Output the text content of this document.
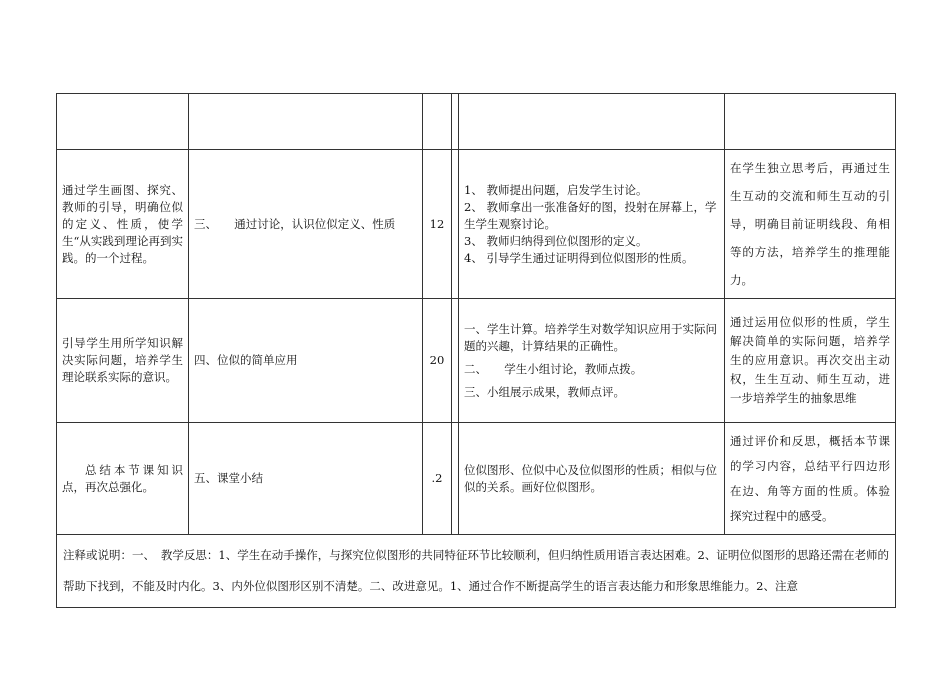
通过学生画图、探究、教师的引导，明确位似的定义、性质，使学生“从实践到理论再到实践。的一个过程。	三、　　通过讨论，认识位似定义、性质	12		1、 教师提出问题，启发学生讨论。
2、 教师拿出一张准备好的图，投射在屏幕上，学生学生观察讨论。
3、 教师归纳得到位似图形的定义。
4、 引导学生通过证明得到位似图形的性质。	在学生独立思考后，再通过生生互动的交流和师生互动的引导，明确目前证明线段、角相等的方法，培养学生的推理能力。
引导学生用所学知识解决实际问题，培养学生理论联系实际的意识。	四、位似的简单应用	20		一、学生计算。培养学生对数学知识应用于实际问题的兴趣，计算结果的正确性。
二、　　学生小组讨论，教师点拨。
三、小组展示成果，教师点评。	通过运用位似形的性质，学生解决简单的实际问题，培养学生的应用意识。再次交出主动权，生生互动、师生互动，进一步培养学生的抽象思维
总结本节课知识点，再次总强化。	五、课堂小结	.2		位似图形、位似中心及位似图形的性质；相似与位似的关系。画好位似图形。	通过评价和反思，概括本节课的学习内容，总结平行四边形在边、角等方面的性质。体验探究过程中的感受。
注释或说明：一、　教学反思：1、学生在动手操作，与探究位似图形的共同特征环节比较顺利，但归纳性质用语言表达困难。2、证明位似图形的思路还需在老师的帮助下找到，不能及时内化。3、内外位似图形区别不清楚。二、改进意见。1、通过合作不断提高学生的语言表达能力和形象思维能力。2、注意					
